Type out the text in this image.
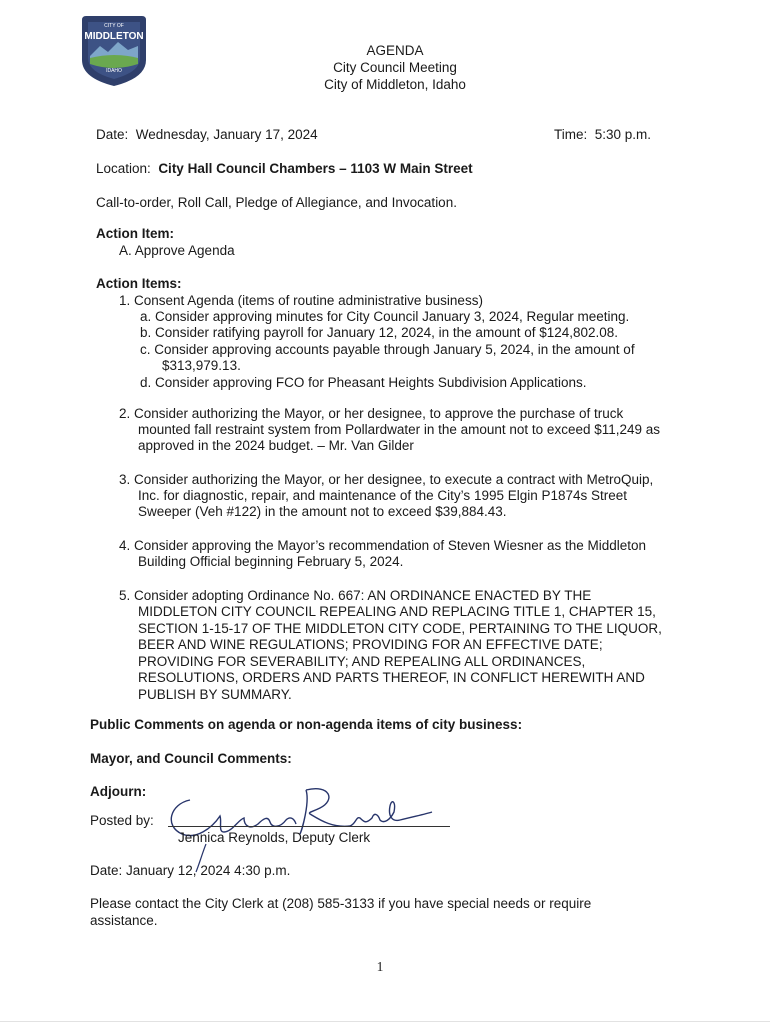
CITY OF
MIDDLETON
IDAHO
AGENDA
City Council Meeting
City of Middleton, Idaho
Date: Wednesday, January 17, 2024	Time: 5:30 p.m.
Location: City Hall Council Chambers – 1103 W Main Street
Call-to-order, Roll Call, Pledge of Allegiance, and Invocation.
Action Item:
A. Approve Agenda
Action Items:
1. Consent Agenda (items of routine administrative business)
a. Consider approving minutes for City Council January 3, 2024, Regular meeting.
b. Consider ratifying payroll for January 12, 2024, in the amount of $124,802.08.
c. Consider approving accounts payable through January 5, 2024, in the amount of
$313,979.13.
d. Consider approving FCO for Pheasant Heights Subdivision Applications.
2. Consider authorizing the Mayor, or her designee, to approve the purchase of truck
mounted fall restraint system from Pollardwater in the amount not to exceed $11,249 as
approved in the 2024 budget. – Mr. Van Gilder
3. Consider authorizing the Mayor, or her designee, to execute a contract with MetroQuip,
Inc. for diagnostic, repair, and maintenance of the City’s 1995 Elgin P1874s Street
Sweeper (Veh #122) in the amount not to exceed $39,884.43.
4. Consider approving the Mayor’s recommendation of Steven Wiesner as the Middleton
Building Official beginning February 5, 2024.
5. Consider adopting Ordinance No. 667: AN ORDINANCE ENACTED BY THE
MIDDLETON CITY COUNCIL REPEALING AND REPLACING TITLE 1, CHAPTER 15,
SECTION 1-15-17 OF THE MIDDLETON CITY CODE, PERTAINING TO THE LIQUOR,
BEER AND WINE REGULATIONS; PROVIDING FOR AN EFFECTIVE DATE;
PROVIDING FOR SEVERABILITY; AND REPEALING ALL ORDINANCES,
RESOLUTIONS, ORDERS AND PARTS THEREOF, IN CONFLICT HEREWITH AND
PUBLISH BY SUMMARY.
Public Comments on agenda or non-agenda items of city business:
Mayor, and Council Comments:
Adjourn:
Posted by:
Jennica Reynolds, Deputy Clerk
Date: January 12, 2024 4:30 p.m.
Please contact the City Clerk at (208) 585-3133 if you have special needs or require
assistance.
1
